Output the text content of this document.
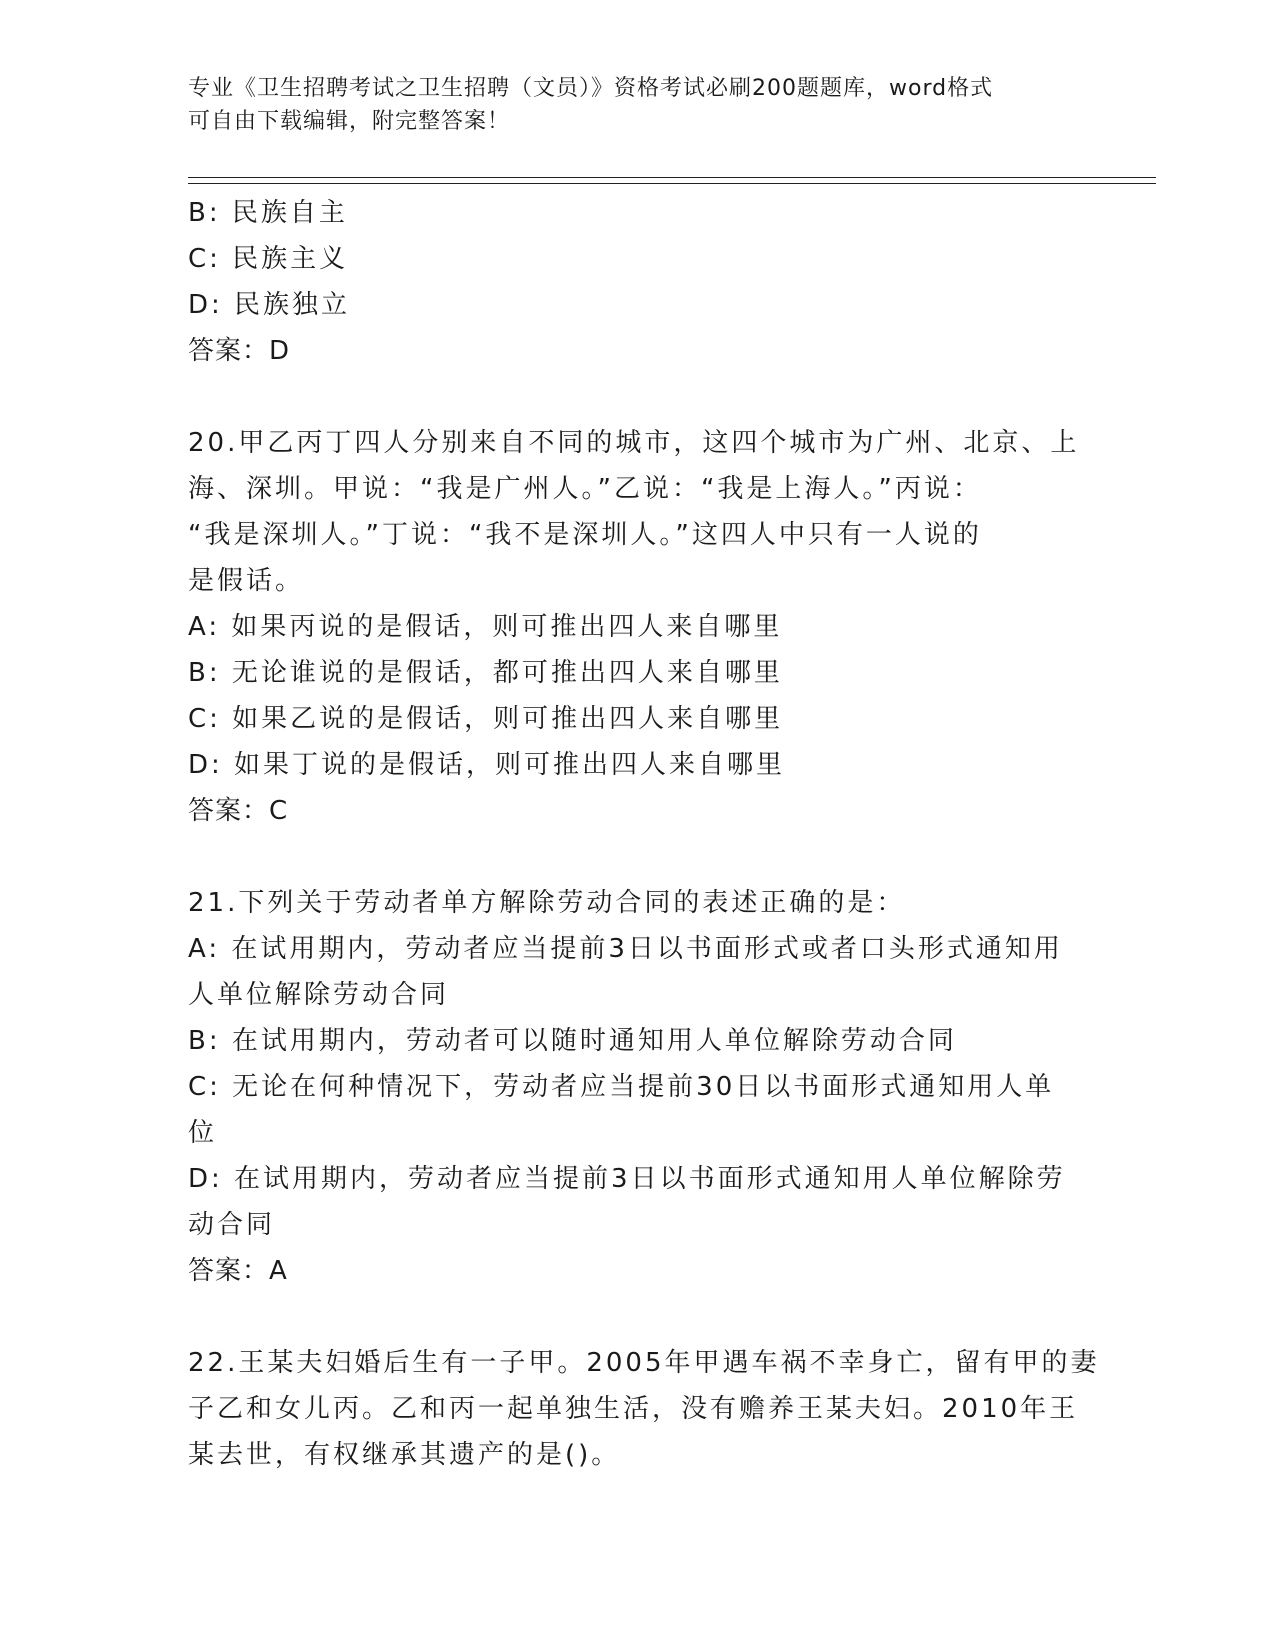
专业《卫生招聘考试之卫生招聘（文员）》资格考试必刷200题题库，word格式
可自由下载编辑，附完整答案！
B: 民族自主
C: 民族主义
D: 民族独立
答案：D
20.甲乙丙丁四人分别来自不同的城市，这四个城市为广州、北京、上
海、深圳。甲说：“我是广州人。”乙说：“我是上海人。”丙说：
“我是深圳人。”丁说：“我不是深圳人。”这四人中只有一人说的
是假话。
A: 如果丙说的是假话，则可推出四人来自哪里
B: 无论谁说的是假话，都可推出四人来自哪里
C: 如果乙说的是假话，则可推出四人来自哪里
D: 如果丁说的是假话，则可推出四人来自哪里
答案：C
21.下列关于劳动者单方解除劳动合同的表述正确的是：
A: 在试用期内，劳动者应当提前3日以书面形式或者口头形式通知用
人单位解除劳动合同
B: 在试用期内，劳动者可以随时通知用人单位解除劳动合同
C: 无论在何种情况下，劳动者应当提前30日以书面形式通知用人单
位
D: 在试用期内，劳动者应当提前3日以书面形式通知用人单位解除劳
动合同
答案：A
22.王某夫妇婚后生有一子甲。2005年甲遇车祸不幸身亡，留有甲的妻
子乙和女儿丙。乙和丙一起单独生活，没有赡养王某夫妇。2010年王
某去世，有权继承其遗产的是()。
